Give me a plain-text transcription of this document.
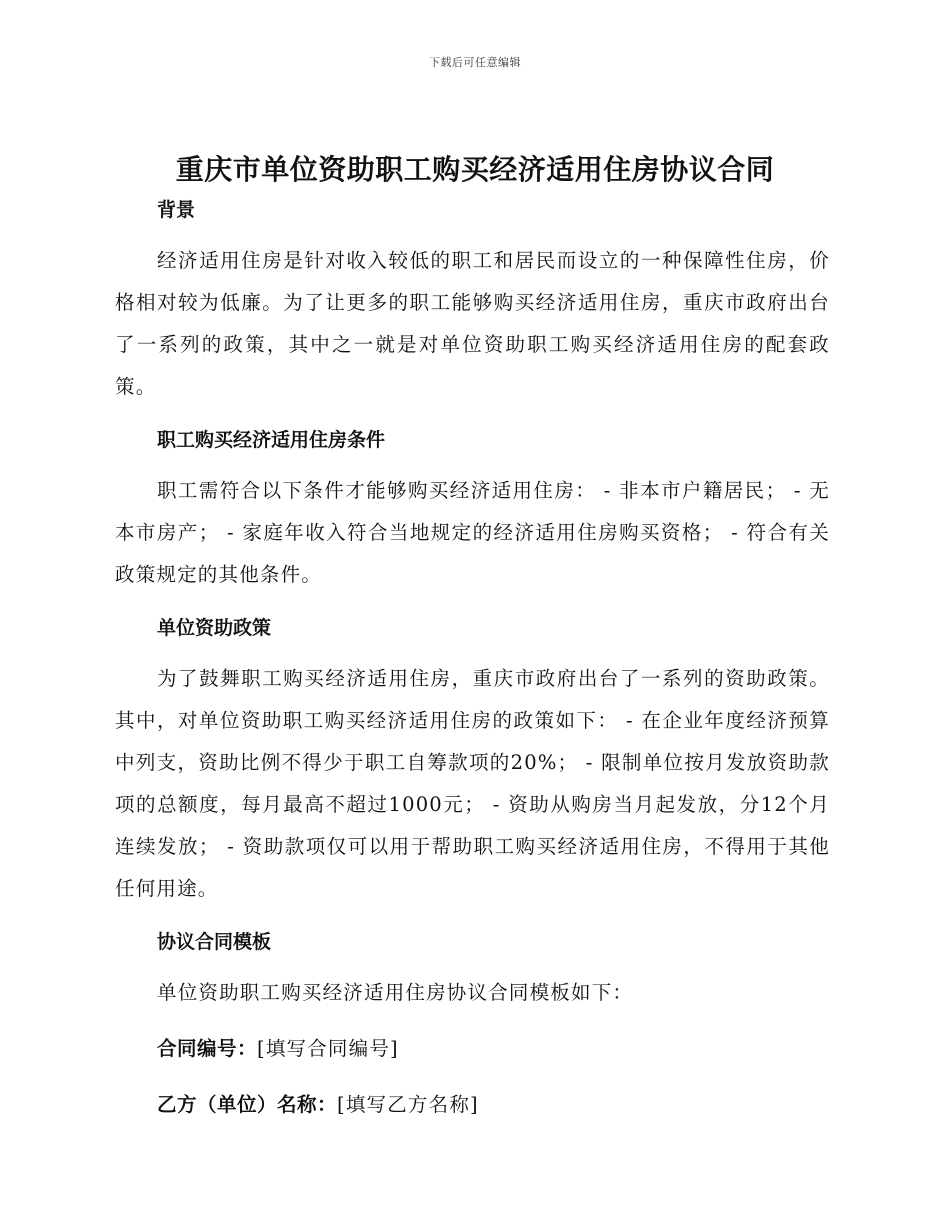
下载后可任意编辑
重庆市单位资助职工购买经济适用住房协议合同
背景

经济适用住房是针对收入较低的职工和居民而设立的一种保障性住房，价格相对较为低廉。为了让更多的职工能够购买经济适用住房，重庆市政府出台了一系列的政策，其中之一就是对单位资助职工购买经济适用住房的配套政策。

职工购买经济适用住房条件

职工需符合以下条件才能够购买经济适用住房： - 非本市户籍居民； - 无本市房产； - 家庭年收入符合当地规定的经济适用住房购买资格； - 符合有关政策规定的其他条件。

单位资助政策

为了鼓舞职工购买经济适用住房，重庆市政府出台了一系列的资助政策。其中，对单位资助职工购买经济适用住房的政策如下： - 在企业年度经济预算中列支，资助比例不得少于职工自筹款项的20%； - 限制单位按月发放资助款项的总额度，每月最高不超过1000元； - 资助从购房当月起发放，分12个月连续发放； - 资助款项仅可以用于帮助职工购买经济适用住房，不得用于其他任何用途。

协议合同模板

单位资助职工购买经济适用住房协议合同模板如下：

合同编号：[填写合同编号]
乙方（单位）名称：[填写乙方名称]
